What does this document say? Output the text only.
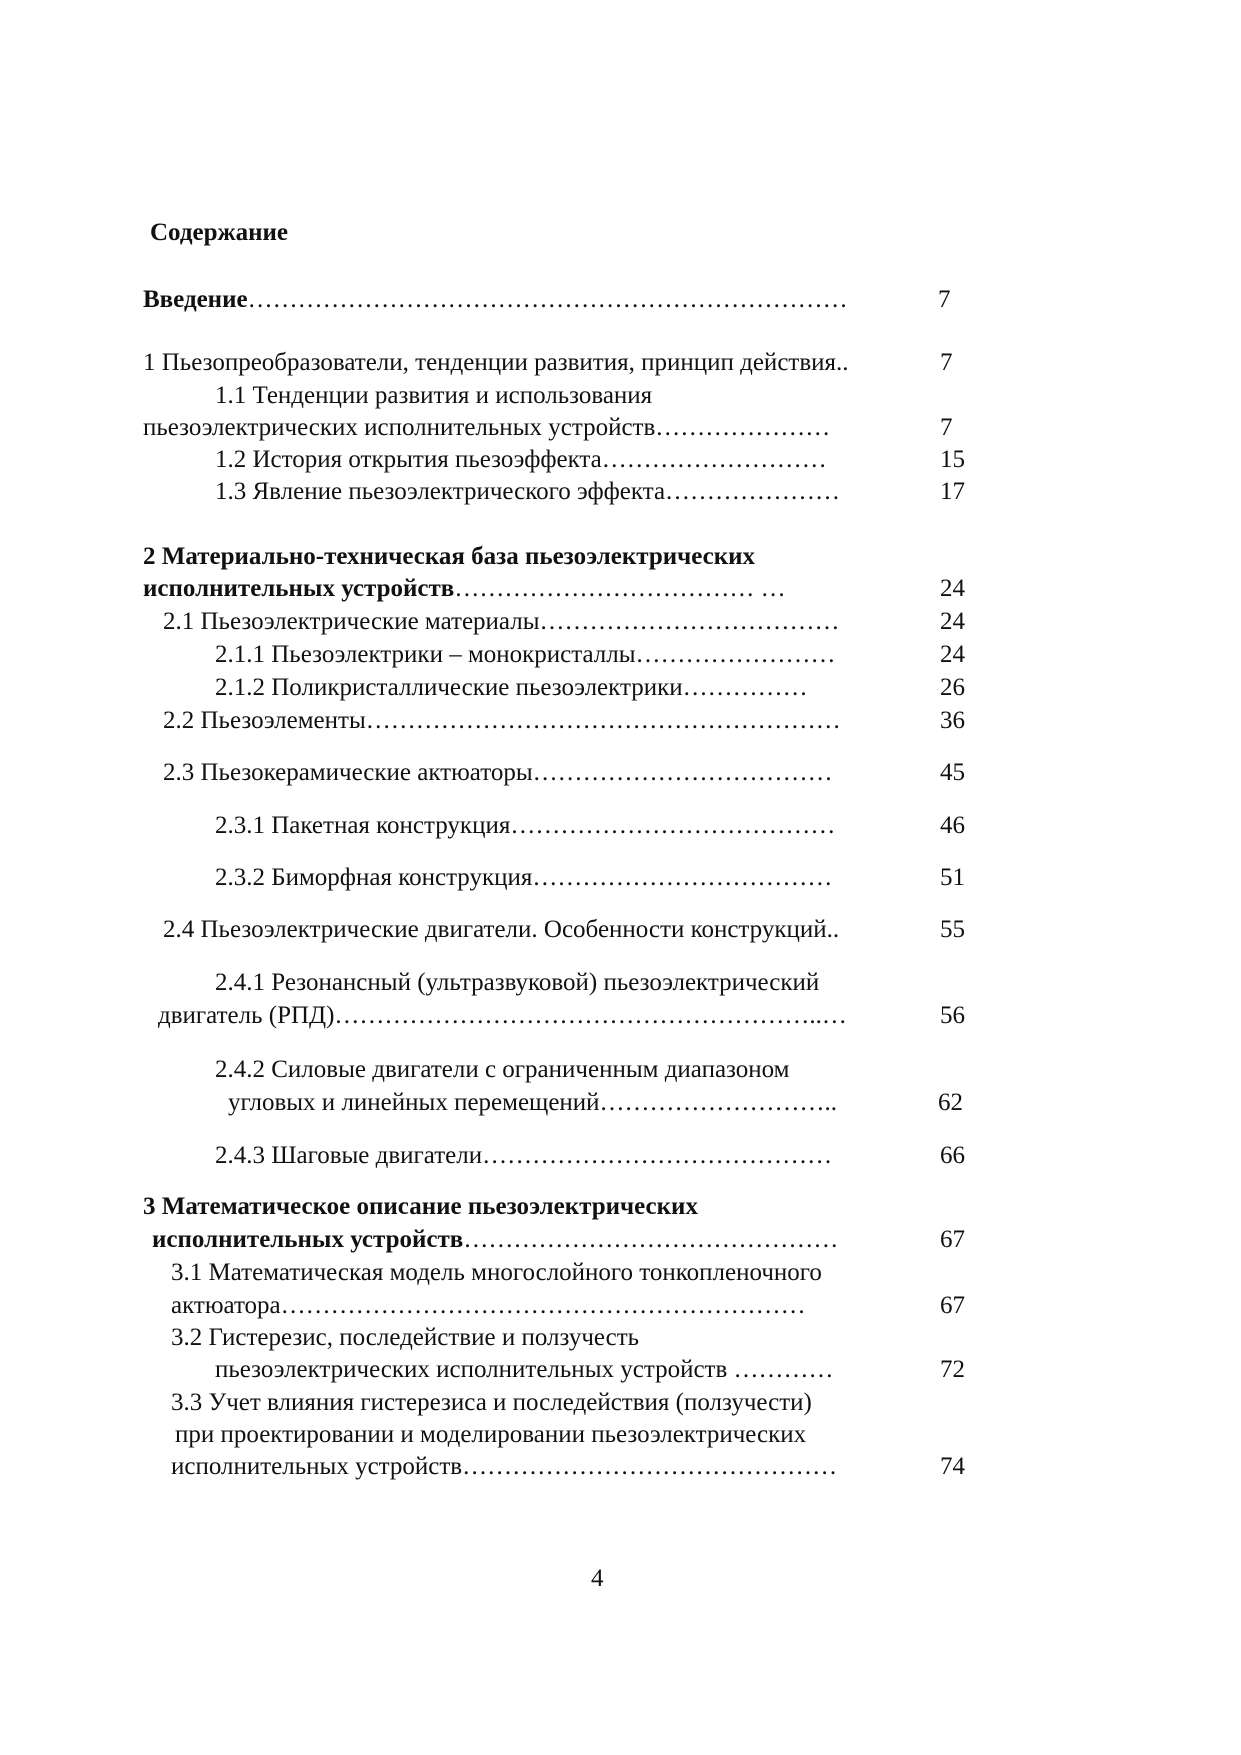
Содержание
Введение………………………………………………………………	7
1 Пьезопреобразователи, тенденции развития, принцип действия..	7
1.1 Тенденции развития и использования
пьезоэлектрических исполнительных устройств…………………	7
1.2 История открытия пьезоэффекта………………………	15
1.3 Явление пьезоэлектрического эффекта…………………	17
2 Материально-техническая база пьезоэлектрических
исполнительных устройств……………………………… …	24
2.1 Пьезоэлектрические материалы………………………………	24
2.1.1 Пьезоэлектрики – монокристаллы……………………	24
2.1.2 Поликристаллические пьезоэлектрики……………	26
2.2 Пьезоэлементы…………………………………………………	36
2.3 Пьезокерамические актюаторы………………………………	45
2.3.1 Пакетная конструкция…………………………………	46
2.3.2 Биморфная конструкция………………………………	51
2.4 Пьезоэлектрические двигатели. Особенности конструкций..	55
2.4.1 Резонансный (ультразвуковой) пьезоэлектрический
двигатель (РПД)…………………………………………………..…	56
2.4.2 Силовые двигатели с ограниченным диапазоном
угловых и линейных перемещений………………………..	62
2.4.3 Шаговые двигатели……………………………………	66
3 Математическое описание пьезоэлектрических
исполнительных устройств………………………………………	67
3.1 Математическая модель многослойного тонкопленочного
актюатора………………………………………………………	67
3.2 Гистерезис, последействие и ползучесть
пьезоэлектрических исполнительных устройств …………	72
3.3 Учет влияния гистерезиса и последействия (ползучести)
при проектировании и моделировании пьезоэлектрических
исполнительных устройств………………………………………	74
4
